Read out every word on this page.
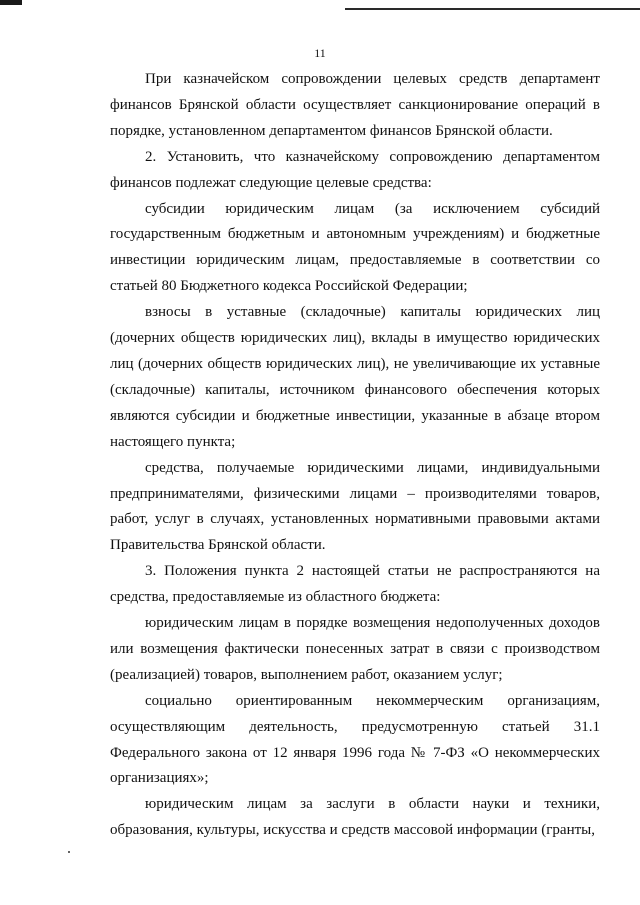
11

При казначейском сопровождении целевых средств департамент финансов Брянской области осуществляет санкционирование операций в порядке, установленном департаментом финансов Брянской области.

2. Установить, что казначейскому сопровождению департаментом финансов подлежат следующие целевые средства:

субсидии юридическим лицам (за исключением субсидий государственным бюджетным и автономным учреждениям) и бюджетные инвестиции юридическим лицам, предоставляемые в соответствии со статьей 80 Бюджетного кодекса Российской Федерации;

взносы в уставные (складочные) капиталы юридических лиц (дочерних обществ юридических лиц), вклады в имущество юридических лиц (дочерних обществ юридических лиц), не увеличивающие их уставные (складочные) капиталы, источником финансового обеспечения которых являются субсидии и бюджетные инвестиции, указанные в абзаце втором настоящего пункта;

средства, получаемые юридическими лицами, индивидуальными предпринимателями, физическими лицами – производителями товаров, работ, услуг в случаях, установленных нормативными правовыми актами Правительства Брянской области.

3. Положения пункта 2 настоящей статьи не распространяются на средства, предоставляемые из областного бюджета:

юридическим лицам в порядке возмещения недополученных доходов или возмещения фактически понесенных затрат в связи с производством (реализацией) товаров, выполнением работ, оказанием услуг;

социально ориентированным некоммерческим организациям, осуществляющим деятельность, предусмотренную статьей 31.1 Федерального закона от 12 января 1996 года № 7-ФЗ «О некоммерческих организациях»;

юридическим лицам за заслуги в области науки и техники, образования, культуры, искусства и средств массовой информации (гранты,
